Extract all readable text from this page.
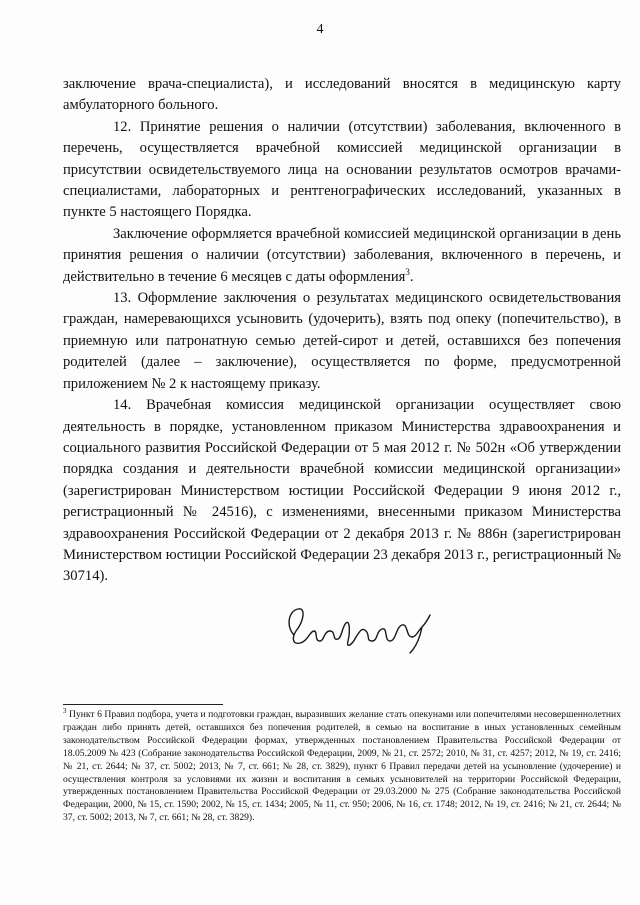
4

заключение врача-специалиста), и исследований вносятся в медицинскую карту амбулаторного больного.

12. Принятие решения о наличии (отсутствии) заболевания, включенного в перечень, осуществляется врачебной комиссией медицинской организации в присутствии освидетельствуемого лица на основании результатов осмотров врачами-специалистами, лабораторных и рентгенографических исследований, указанных в пункте 5 настоящего Порядка.

Заключение оформляется врачебной комиссией медицинской организации в день принятия решения о наличии (отсутствии) заболевания, включенного в перечень, и действительно в течение 6 месяцев с даты оформления$^3$.

13. Оформление заключения о результатах медицинского освидетельствования граждан, намеревающихся усыновить (удочерить), взять под опеку (попечительство), в приемную или патронатную семью детей-сирот и детей, оставшихся без попечения родителей (далее – заключение), осуществляется по форме, предусмотренной приложением № 2 к настоящему приказу.

14. Врачебная комиссия медицинской организации осуществляет свою деятельность в порядке, установленном приказом Министерства здравоохранения и социального развития Российской Федерации от 5 мая 2012 г. № 502н «Об утверждении порядка создания и деятельности врачебной комиссии медицинской организации» (зарегистрирован Министерством юстиции Российской Федерации 9 июня 2012 г., регистрационный № 24516), с изменениями, внесенными приказом Министерства здравоохранения Российской Федерации от 2 декабря 2013 г. № 886н (зарегистрирован Министерством юстиции Российской Федерации 23 декабря 2013 г., регистрационный № 30714).

$^3$ Пункт 6 Правил подбора, учета и подготовки граждан, выразивших желание стать опекунами или попечителями несовершеннолетних граждан либо принять детей, оставшихся без попечения родителей, в семью на воспитание в иных установленных семейным законодательством Российской Федерации формах, утвержденных постановлением Правительства Российской Федерации от 18.05.2009 № 423 (Собрание законодательства Российской Федерации, 2009, № 21, ст. 2572; 2010, № 31, ст. 4257; 2012, № 19, ст. 2416; № 21, ст. 2644; № 37, ст. 5002; 2013, № 7, ст. 661; № 28, ст. 3829), пункт 6 Правил передачи детей на усыновление (удочерение) и осуществления контроля за условиями их жизни и воспитания в семьях усыновителей на территории Российской Федерации, утвержденных постановлением Правительства Российской Федерации от 29.03.2000 № 275 (Собрание законодательства Российской Федерации, 2000, № 15, ст. 1590; 2002, № 15, ст. 1434; 2005, № 11, ст. 950; 2006, № 16, ст. 1748; 2012, № 19, ст. 2416; № 21, ст. 2644; № 37, ст. 5002; 2013, № 7, ст. 661; № 28, ст. 3829).
